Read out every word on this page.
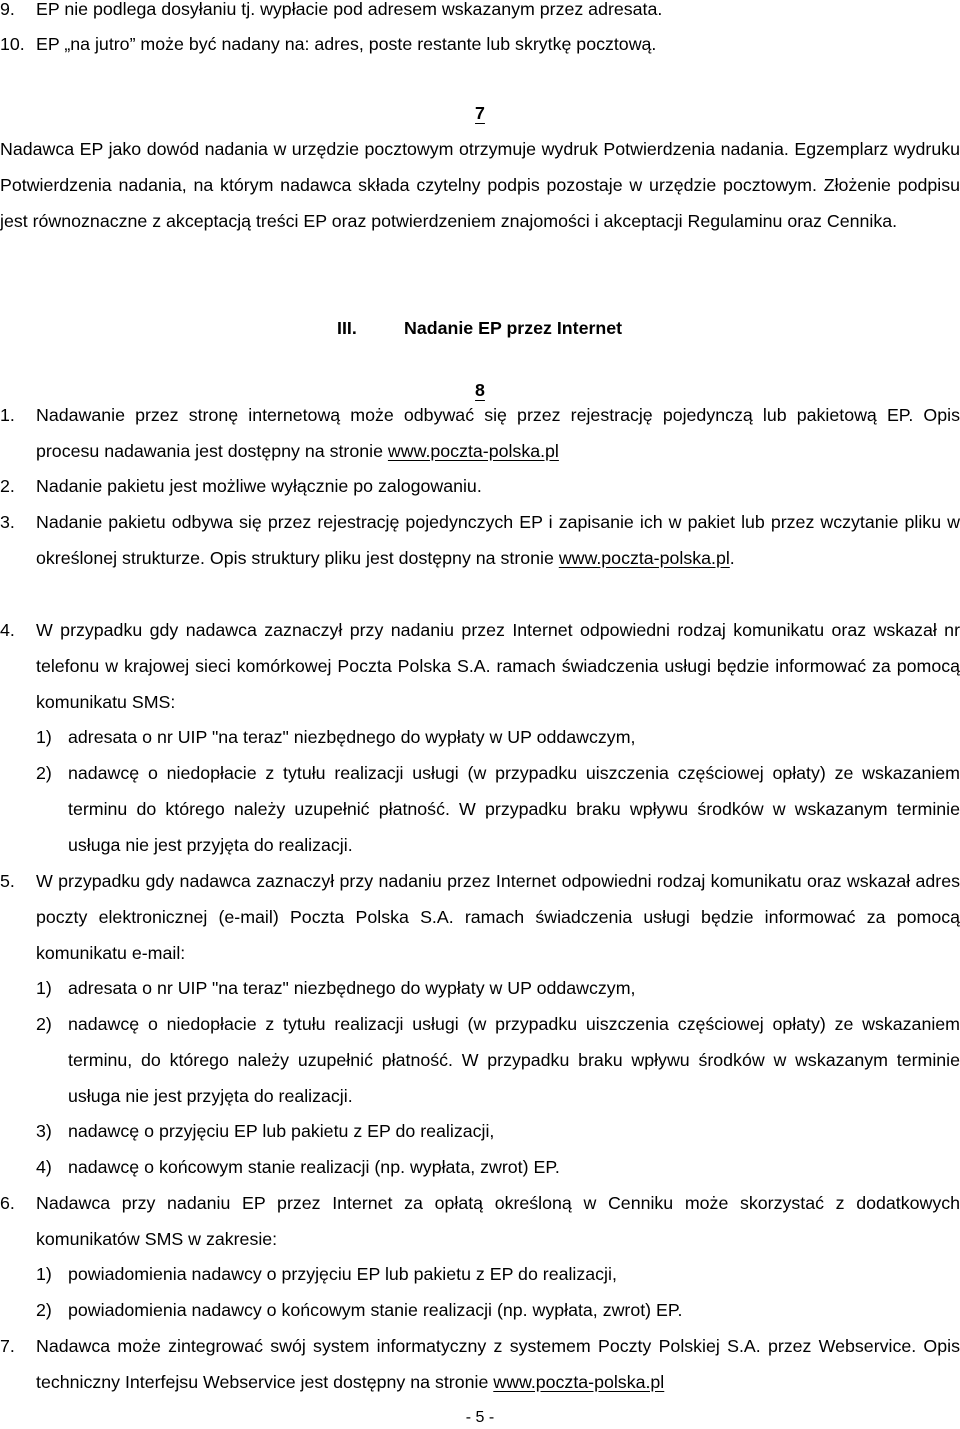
9. EP nie podlega dosyłaniu tj. wypłacie pod adresem wskazanym przez adresata.
10. EP „na jutro” może być nadany na: adres, poste restante lub skrytkę pocztową.
7

Nadawca EP jako dowód nadania w urzędzie pocztowym otrzymuje wydruk Potwierdzenia nadania. Egzemplarz wydruku Potwierdzenia nadania, na którym nadawca składa czytelny podpis pozostaje w urzędzie pocztowym. Złożenie podpisu jest równoznaczne z akceptacją treści EP oraz potwierdzeniem znajomości i akceptacji Regulaminu oraz Cennika.

III.	Nadanie EP przez Internet
8
1. Nadawanie przez stronę internetową może odbywać się przez rejestrację pojedynczą lub pakietową EP. Opis procesu nadawania jest dostępny na stronie www.poczta-polska.pl
2. Nadanie pakietu jest możliwe wyłącznie po zalogowaniu.
3. Nadanie pakietu odbywa się przez rejestrację pojedynczych EP i zapisanie ich w pakiet lub przez wczytanie pliku w określonej strukturze. Opis struktury pliku jest dostępny na stronie www.poczta-polska.pl.
4. W przypadku gdy nadawca zaznaczył przy nadaniu przez Internet odpowiedni rodzaj komunikatu oraz wskazał nr telefonu w krajowej sieci komórkowej Poczta Polska S.A. ramach świadczenia usługi będzie informować za pomocą komunikatu SMS:
1) adresata o nr UIP "na teraz" niezbędnego do wypłaty w UP oddawczym,
2) nadawcę o niedopłacie z tytułu realizacji usługi (w przypadku uiszczenia częściowej opłaty) ze wskazaniem terminu do którego należy uzupełnić płatność. W przypadku braku wpływu środków w wskazanym terminie usługa nie jest przyjęta do realizacji.
5. W przypadku gdy nadawca zaznaczył przy nadaniu przez Internet odpowiedni rodzaj komunikatu oraz wskazał adres poczty elektronicznej (e-mail) Poczta Polska S.A. ramach świadczenia usługi będzie informować za pomocą komunikatu e-mail:
1) adresata o nr UIP "na teraz" niezbędnego do wypłaty w UP oddawczym,
2) nadawcę o niedopłacie z tytułu realizacji usługi (w przypadku uiszczenia częściowej opłaty) ze wskazaniem terminu, do którego należy uzupełnić płatność. W przypadku braku wpływu środków w wskazanym terminie usługa nie jest przyjęta do realizacji.
3) nadawcę o przyjęciu EP lub pakietu z EP do realizacji,
4) nadawcę o końcowym stanie realizacji (np. wypłata, zwrot) EP.
6. Nadawca przy nadaniu EP przez Internet za opłatą określoną w Cenniku może skorzystać z dodatkowych komunikatów SMS w zakresie:
1) powiadomienia nadawcy o przyjęciu EP lub pakietu z EP do realizacji,
2) powiadomienia nadawcy o końcowym stanie realizacji (np. wypłata, zwrot) EP.
7. Nadawca może zintegrować swój system informatyczny z systemem Poczty Polskiej S.A. przez Webservice. Opis techniczny Interfejsu Webservice jest dostępny na stronie www.poczta-polska.pl
- 5 -
